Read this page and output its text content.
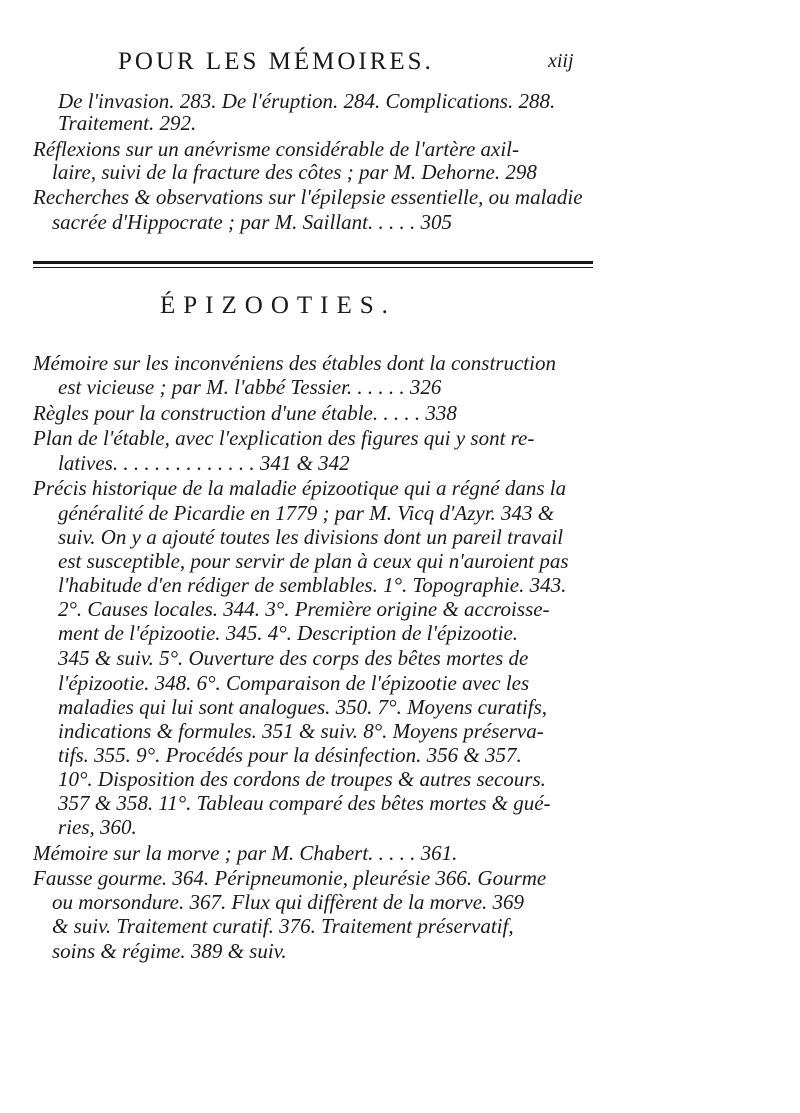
POUR LES MÉMOIRES.	xiij
De l'invasion. 283. De l'éruption. 284. Complications. 288.
Traitement. 292.
Réflexions sur un anévrisme considérable de l'artère axil-
laire, suivi de la fracture des côtes ; par M. Dehorne. 298
Recherches & observations sur l'épilepsie essentielle, ou maladie
sacrée d'Hippocrate ; par M. Saillant. . . . . 305
ÉPIZOOTIES.
Mémoire sur les inconvéniens des étables dont la construction
est vicieuse ; par M. l'abbé Tessier. . . . . . 326
Règles pour la construction d'une étable. . . . . 338
Plan de l'étable, avec l'explication des figures qui y sont re-
latives. . . . . . . . . . . . . . 341 & 342
Précis historique de la maladie épizootique qui a régné dans la
généralité de Picardie en 1779 ; par M. Vicq d'Azyr. 343 &
suiv. On y a ajouté toutes les divisions dont un pareil travail
est susceptible, pour servir de plan à ceux qui n'auroient pas
l'habitude d'en rédiger de semblables. 1°. Topographie. 343.
2°. Causes locales. 344. 3°. Première origine & accroisse-
ment de l'épizootie. 345. 4°. Description de l'épizootie.
345 & suiv. 5°. Ouverture des corps des bêtes mortes de
l'épizootie. 348. 6°. Comparaison de l'épizootie avec les
maladies qui lui sont analogues. 350. 7°. Moyens curatifs,
indications & formules. 351 & suiv. 8°. Moyens préserva-
tifs. 355. 9°. Procédés pour la désinfection. 356 & 357.
10°. Disposition des cordons de troupes & autres secours.
357 & 358. 11°. Tableau comparé des bêtes mortes & gué-
ries, 360.
Mémoire sur la morve ; par M. Chabert. . . . . 361.
Fausse gourme. 364. Péripneumonie, pleurésie 366. Gourme
ou morsondure. 367. Flux qui diffèrent de la morve. 369
& suiv. Traitement curatif. 376. Traitement préservatif,
soins & régime. 389 & suiv.
